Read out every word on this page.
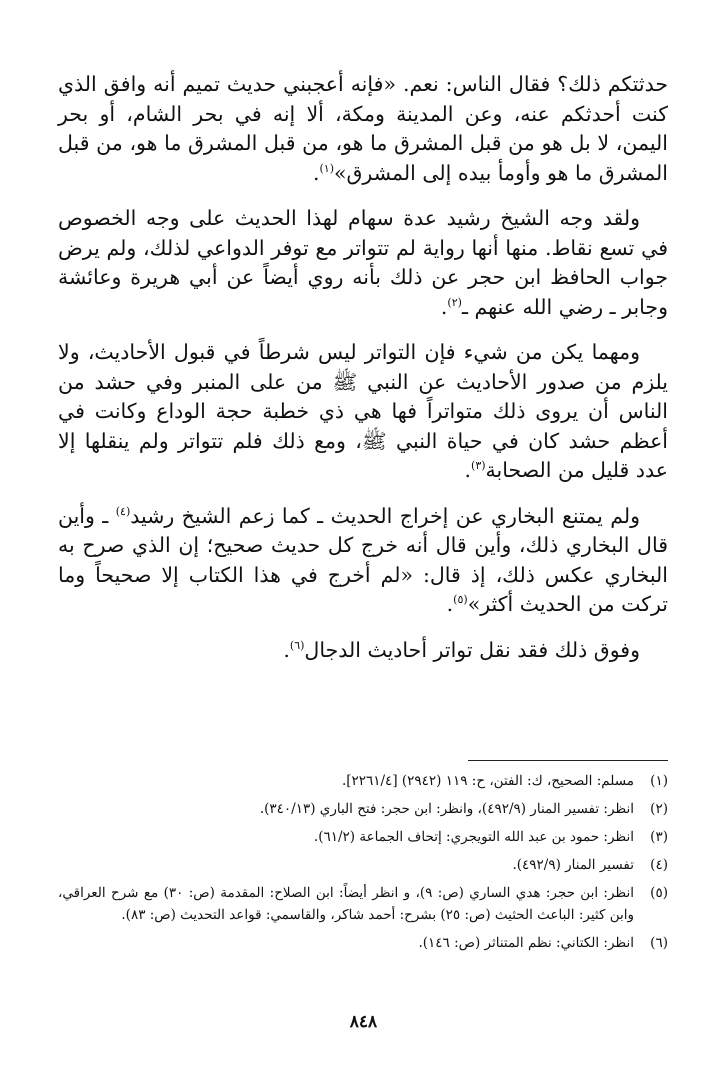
حدثتكم ذلك؟ فقال الناس: نعم. «فإنه أعجبني حديث تميم أنه وافق الذي كنت أحدثكم عنه، وعن المدينة ومكة، ألا إنه في بحر الشام، أو بحر اليمن، لا بل هو من قبل المشرق ما هو، من قبل المشرق ما هو، من قبل المشرق ما هو وأومأ بيده إلى المشرق»$^{(١)}$.

ولقد وجه الشيخ رشيد عدة سهام لهذا الحديث على وجه الخصوص في تسع نقاط. منها أنها رواية لم تتواتر مع توفر الدواعي لذلك، ولم يرض جواب الحافظ ابن حجر عن ذلك بأنه روي أيضاً عن أبي هريرة وعائشة وجابر ـ رضي الله عنهم ـ$^{(٢)}$.

ومهما يكن من شيء فإن التواتر ليس شرطاً في قبول الأحاديث، ولا يلزم من صدور الأحاديث عن النبي ﷺ من على المنبر وفي حشد من الناس أن يروى ذلك متواتراً فها هي ذي خطبة حجة الوداع وكانت في أعظم حشد كان في حياة النبي ﷺ، ومع ذلك فلم تتواتر ولم ينقلها إلا عدد قليل من الصحابة$^{(٣)}$.

ولم يمتنع البخاري عن إخراج الحديث ـ كما زعم الشيخ رشيد$^{(٤)}$ ـ وأين قال البخاري ذلك، وأين قال أنه خرج كل حديث صحيح؛ إن الذي صرح به البخاري عكس ذلك، إذ قال: «لم أخرج في هذا الكتاب إلا صحيحاً وما تركت من الحديث أكثر»$^{(٥)}$.

وفوق ذلك فقد نقل تواتر أحاديث الدجال$^{(٦)}$.

(١)
مسلم: الصحيح، ك: الفتن، ح: ١١٩ (٢٩٤٢) [٢٢٦١/٤].
(٢)
انظر: تفسير المنار (٤٩٢/٩)، وانظر: ابن حجر: فتح الباري (٣٤٠/١٣).
(٣)
انظر: حمود بن عبد الله التويجري: إتحاف الجماعة (٦١/٢).
(٤)
تفسير المنار (٤٩٢/٩).
(٥)
انظر: ابن حجر: هدي الساري (ص: ٩)، و انظر أيضاً: ابن الصلاح: المقدمة (ص: ٣٠) مع شرح العراقي، وابن كثير: الباعث الحثيث (ص: ٢٥) بشرح: أحمد شاكر، والقاسمي: قواعد التحديث (ص: ٨٣).
(٦)
انظر: الكتاني: نظم المتناثر (ص: ١٤٦).
٨٤٨
